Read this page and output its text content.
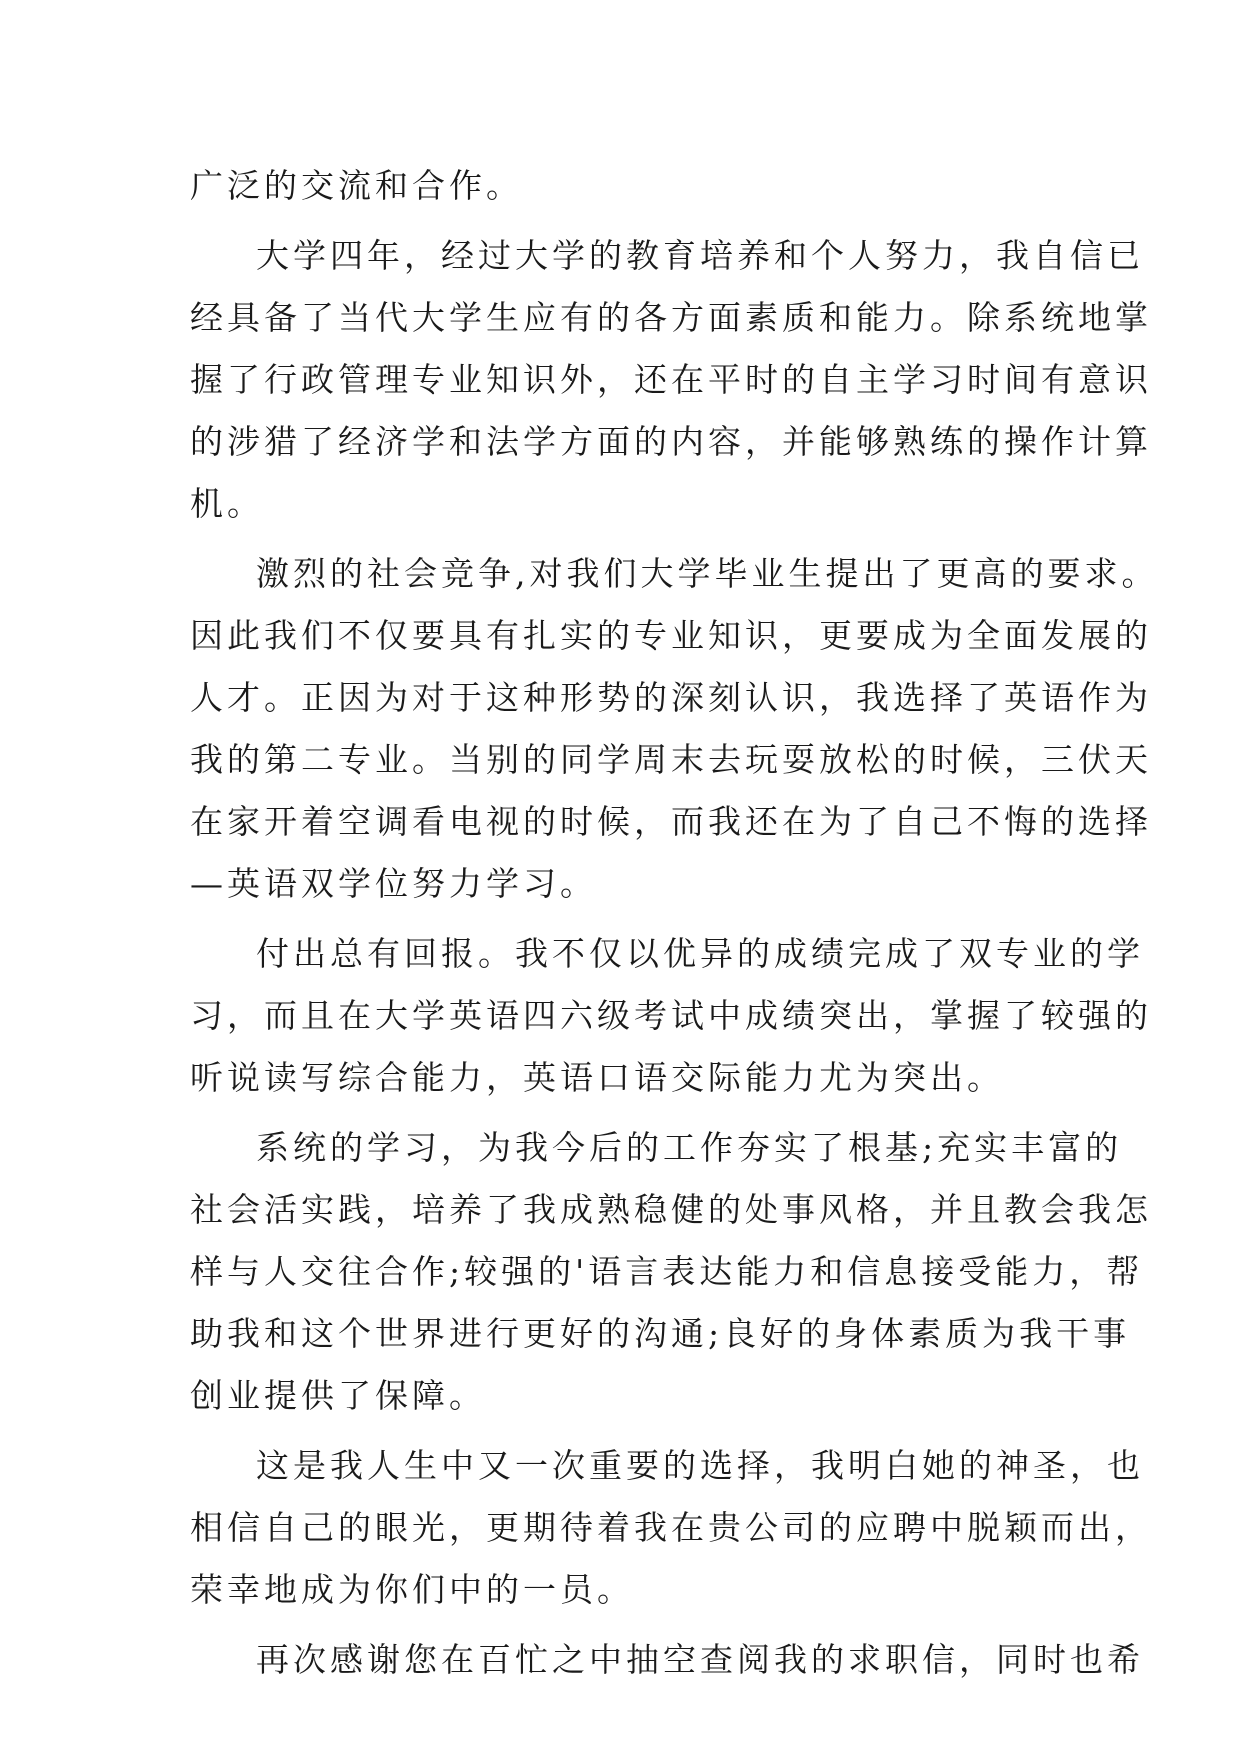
广泛的交流和合作。
大学四年，经过大学的教育培养和个人努力，我自信已
经具备了当代大学生应有的各方面素质和能力。除系统地掌
握了行政管理专业知识外，还在平时的自主学习时间有意识
的涉猎了经济学和法学方面的内容，并能够熟练的操作计算
机。
激烈的社会竞争,对我们大学毕业生提出了更高的要求。
因此我们不仅要具有扎实的专业知识，更要成为全面发展的
人才。正因为对于这种形势的深刻认识，我选择了英语作为
我的第二专业。当别的同学周末去玩耍放松的时候，三伏天
在家开着空调看电视的时候，而我还在为了自己不悔的选择
—英语双学位努力学习。
付出总有回报。我不仅以优异的成绩完成了双专业的学
习，而且在大学英语四六级考试中成绩突出，掌握了较强的
听说读写综合能力，英语口语交际能力尤为突出。
系统的学习，为我今后的工作夯实了根基;充实丰富的
社会活实践，培养了我成熟稳健的处事风格，并且教会我怎
样与人交往合作;较强的'语言表达能力和信息接受能力，帮
助我和这个世界进行更好的沟通;良好的身体素质为我干事
创业提供了保障。
这是我人生中又一次重要的选择，我明白她的神圣，也
相信自己的眼光，更期待着我在贵公司的应聘中脱颖而出，
荣幸地成为你们中的一员。
再次感谢您在百忙之中抽空查阅我的求职信，同时也希
